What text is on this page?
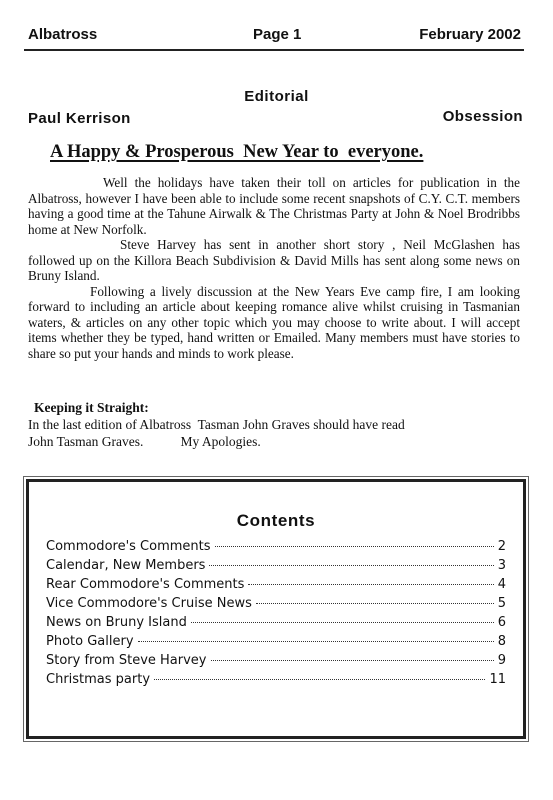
Albatross	Page 1	February 2002
Editorial
Paul Kerrison	Obsession
A Happy & Prosperous  New Year to  everyone.

Well the holidays have taken their toll on articles for publication in the Albatross, however I have been able to include some recent snapshots of C.Y. C.T. members having a good time at the Tahune Airwalk & The Christmas Party at John & Noel Brodribbs home at New Norfolk.

Steve Harvey has sent in another short story , Neil McGlashen has followed up on the Killora Beach Subdivision & David Mills has sent along some news on Bruny Island.

Following a lively discussion at the New Years Eve camp fire, I am looking forward to including an article about keeping romance alive whilst cruising in Tasmanian waters, & articles on any other topic which you may choose to write about. I will accept items whether they be typed, hand written or Emailed. Many members must have stories to share so put your hands and minds to work please.

Keeping it Straight:
In the last edition of Albatross  Tasman John Graves should have read
John Tasman Graves.           My Apologies.
Contents
Commodore's Comments	2
Calendar, New Members	3
Rear Commodore's Comments	4
Vice Commodore's Cruise News	5
News on Bruny Island	6
Photo Gallery	8
Story from Steve Harvey	9
Christmas party	11
